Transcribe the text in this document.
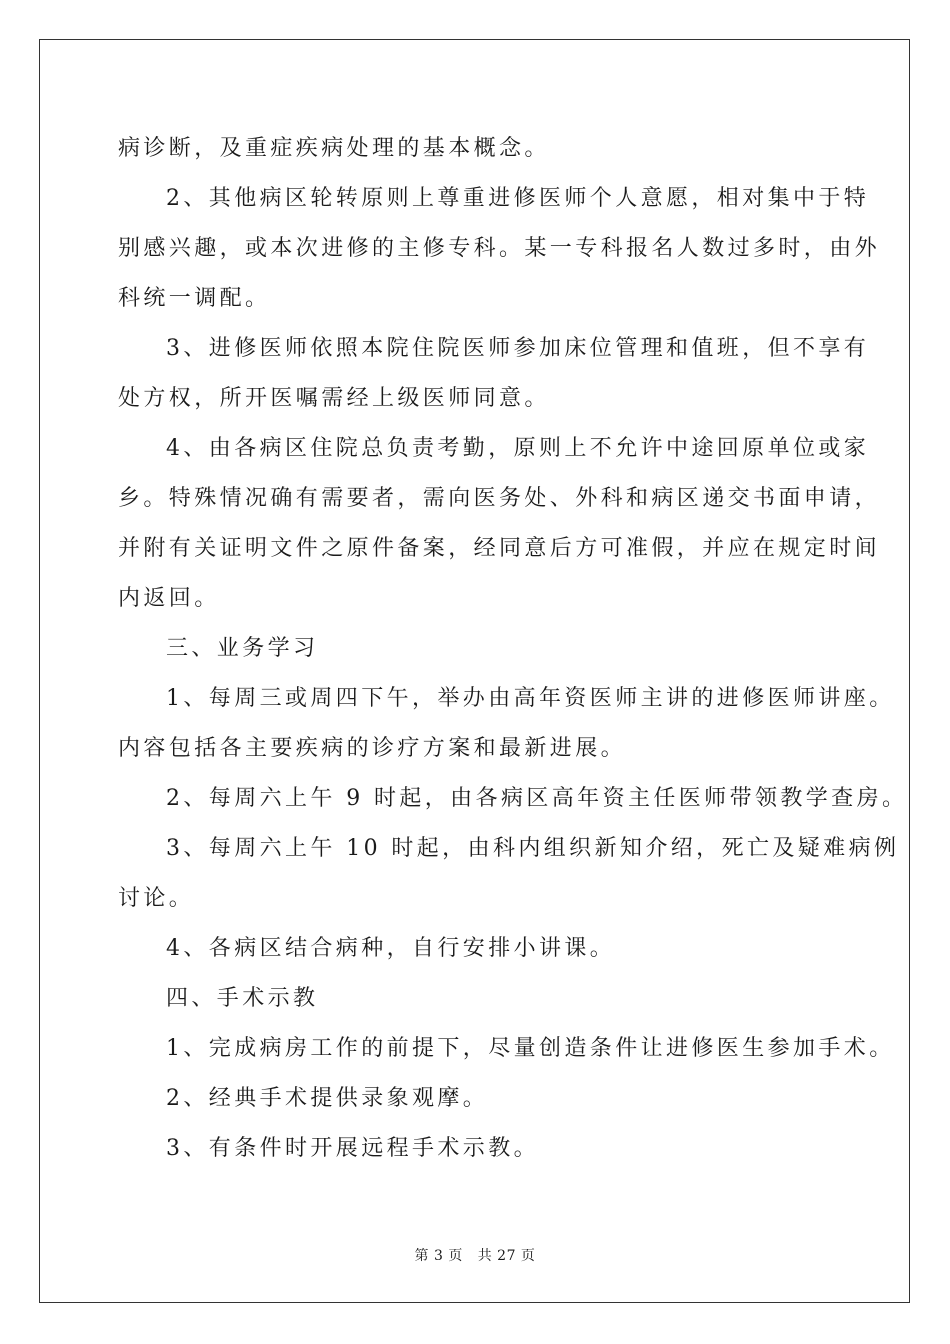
病诊断，及重症疾病处理的基本概念。
2、其他病区轮转原则上尊重进修医师个人意愿，相对集中于特
别感兴趣，或本次进修的主修专科。某一专科报名人数过多时，由外
科统一调配。
3、进修医师依照本院住院医师参加床位管理和值班，但不享有
处方权，所开医嘱需经上级医师同意。
4、由各病区住院总负责考勤，原则上不允许中途回原单位或家
乡。特殊情况确有需要者，需向医务处、外科和病区递交书面申请，
并附有关证明文件之原件备案，经同意后方可准假，并应在规定时间
内返回。
三、业务学习
1、每周三或周四下午，举办由高年资医师主讲的进修医师讲座。
内容包括各主要疾病的诊疗方案和最新进展。
2、每周六上午 9 时起，由各病区高年资主任医师带领教学查房。
3、每周六上午 10 时起，由科内组织新知介绍，死亡及疑难病例
讨论。
4、各病区结合病种，自行安排小讲课。
四、手术示教
1、完成病房工作的前提下，尽量创造条件让进修医生参加手术。
2、经典手术提供录象观摩。
3、有条件时开展远程手术示教。
第 3 页 共 27 页
